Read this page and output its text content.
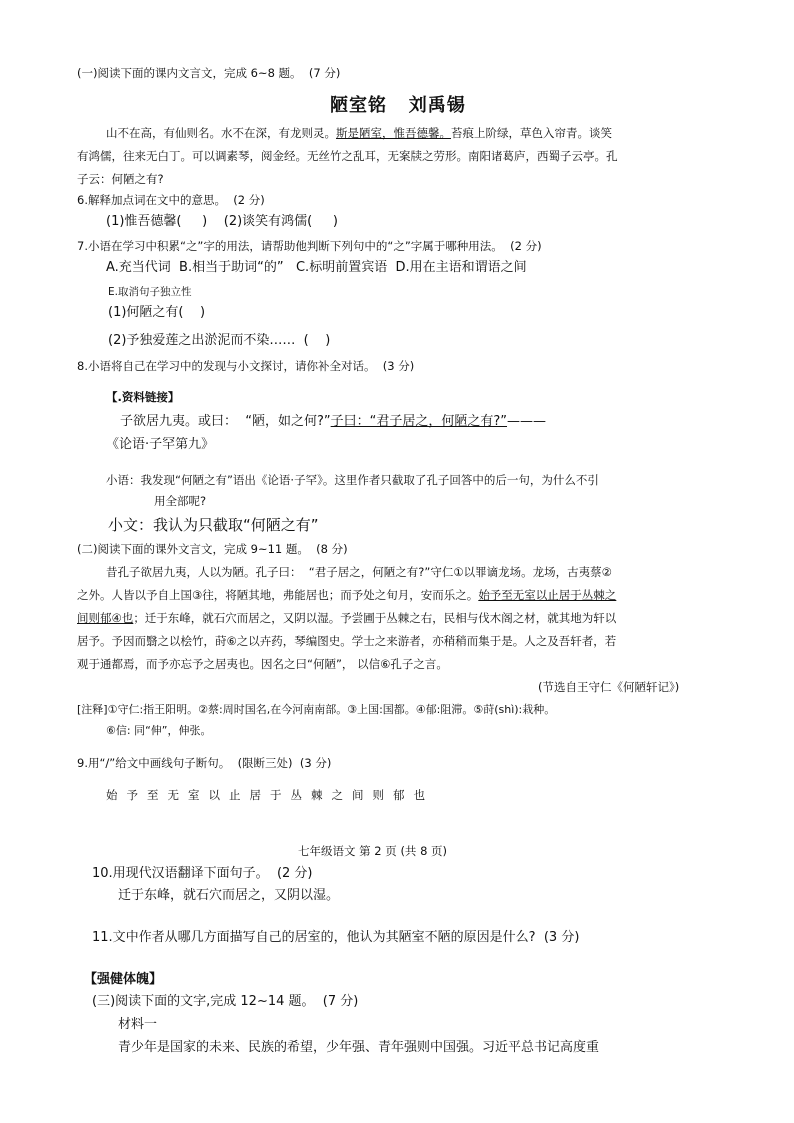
(一)阅读下面的课内文言文，完成 6~8 题。  (7 分)
陋室铭   刘禹锡
山不在高，有仙则名。水不在深，有龙则灵。斯是陋室，惟吾德馨。苔痕上阶绿，草色入帘青。谈笑
有鸿儒，往来无白丁。可以调素琴，阅金经。无丝竹之乱耳，无案牍之劳形。南阳诸葛庐，西蜀子云亭。孔
子云：何陋之有?
6.解释加点词在文中的意思。  (2 分)
(1)惟吾德馨(     )    (2)谈笑有鸿儒(     )
7.小语在学习中积累“之”字的用法，请帮助他判断下列句中的“之”字属于哪种用法。  (2 分)
A.充当代词  B.相当于助词“的”   C.标明前置宾语  D.用在主语和谓语之间
E.取消句子独立性
(1)何陋之有(    )
(2)予独爱莲之出淤泥而不染……  (    )
8.小语将自己在学习中的发现与小文探讨，请你补全对话。  (3 分)
【.资料链接】
子欲居九夷。或曰：  “陋，如之何?”子曰：“君子居之，何陋之有?”———
《论语·子罕第九》
小语：我发现“何陋之有”语出《论语·子罕》。这里作者只截取了孔子回答中的后一句，为什么不引
用全部呢?
小文：我认为只截取“何陋之有”
(二)阅读下面的课外文言文，完成 9~11 题。  (8 分)
昔孔子欲居九夷，人以为陋。孔子曰：  “君子居之，何陋之有?”守仁①以罪谪龙场。龙场，古夷蔡②
之外。人皆以予自上国③往，将陋其地，弗能居也；而予处之旬月，安而乐之。始予至无室以止居于丛棘之
间则郁④也；迁于东峰，就石穴而居之，又阴以湿。予尝圃于丛棘之右，民相与伐木阁之材，就其地为轩以
居予。予因而翳之以桧竹，莳⑥之以卉药，琴编图史。学士之来游者，亦稍稍而集于是。人之及吾轩者，若
观于通都焉，而予亦忘予之居夷也。因名之曰“何陋”， 以信⑥孔子之言。
(节选自王守仁《何陋轩记》)
[注释]①守仁:指王阳明。②蔡:周时国名,在今河南南部。③上国:国都。④郁:阻滞。⑤莳(shì):栽种。
⑥信: 同“伸”，伸张。
9.用“/”给文中画线句子断句。  (限断三处)  (3 分)
始予至无室以止居于丛棘之间则郁也
七年级语文 第 2 页 (共 8 页)
10.用现代汉语翻译下面句子。  (2 分)
迁于东峰，就石穴而居之，又阴以湿。
11.文中作者从哪几方面描写自己的居室的，他认为其陋室不陋的原因是什么?  (3 分)
【强健体魄】
(三)阅读下面的文字,完成 12~14 题。  (7 分)
材料一
青少年是国家的未来、民族的希望，少年强、青年强则中国强。习近平总书记高度重
